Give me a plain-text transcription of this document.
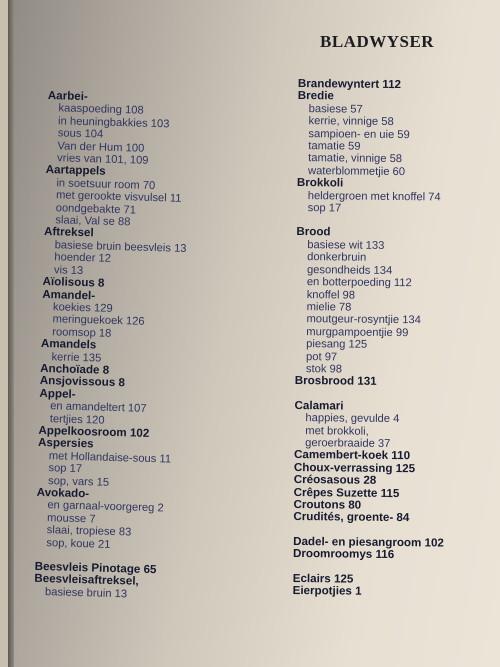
BLADWYSER
Aarbei-
kaaspoeding 108
in heuningbakkies 103
sous 104
Van der Hum 100
vries van 101, 109
Aartappels
in soetsuur room 70
met gerookte visvulsel 11
oondgebakte 71
slaai, Val se 88
Aftreksel
basiese bruin beesvleis 13
hoender 12
vis 13
Aïolisous 8
Amandel-
koekies 129
meringuekoek 126
roomsop 18
Amandels
kerrie 135
Anchoïade 8
Ansjovissous 8
Appel-
en amandeltert 107
tertjies 120
Appelkoosroom 102
Aspersies
met Hollandaise-sous 11
sop 17
sop, vars 15
Avokado-
en garnaal-voorgereg 2
mousse 7
slaai, tropiese 83
sop, koue 21
Beesvleis Pinotage 65
Beesvleisaftreksel,
basiese bruin 13
Brandewyntert 112
Bredie
basiese 57
kerrie, vinnige 58
sampioen- en uie 59
tamatie 59
tamatie, vinnige 58
waterblommetjie 60
Brokkoli
heldergroen met knoffel 74
sop 17
Brood
basiese wit 133
donkerbruin
gesondheids 134
en botterpoeding 112
knoffel 98
mielie 78
moutgeur-rosyntjie 134
murgpampoentjie 99
piesang 125
pot 97
stok 98
Brosbrood 131
Calamari
happies, gevulde 4
met brokkoli,
geroerbraaide 37
Camembert-koek 110
Choux-verrassing 125
Créosasous 28
Crêpes Suzette 115
Croutons 80
Crudités, groente- 84
Dadel- en piesangroom 102
Droomroomys 116
Eclairs 125
Eierpotjies 1
